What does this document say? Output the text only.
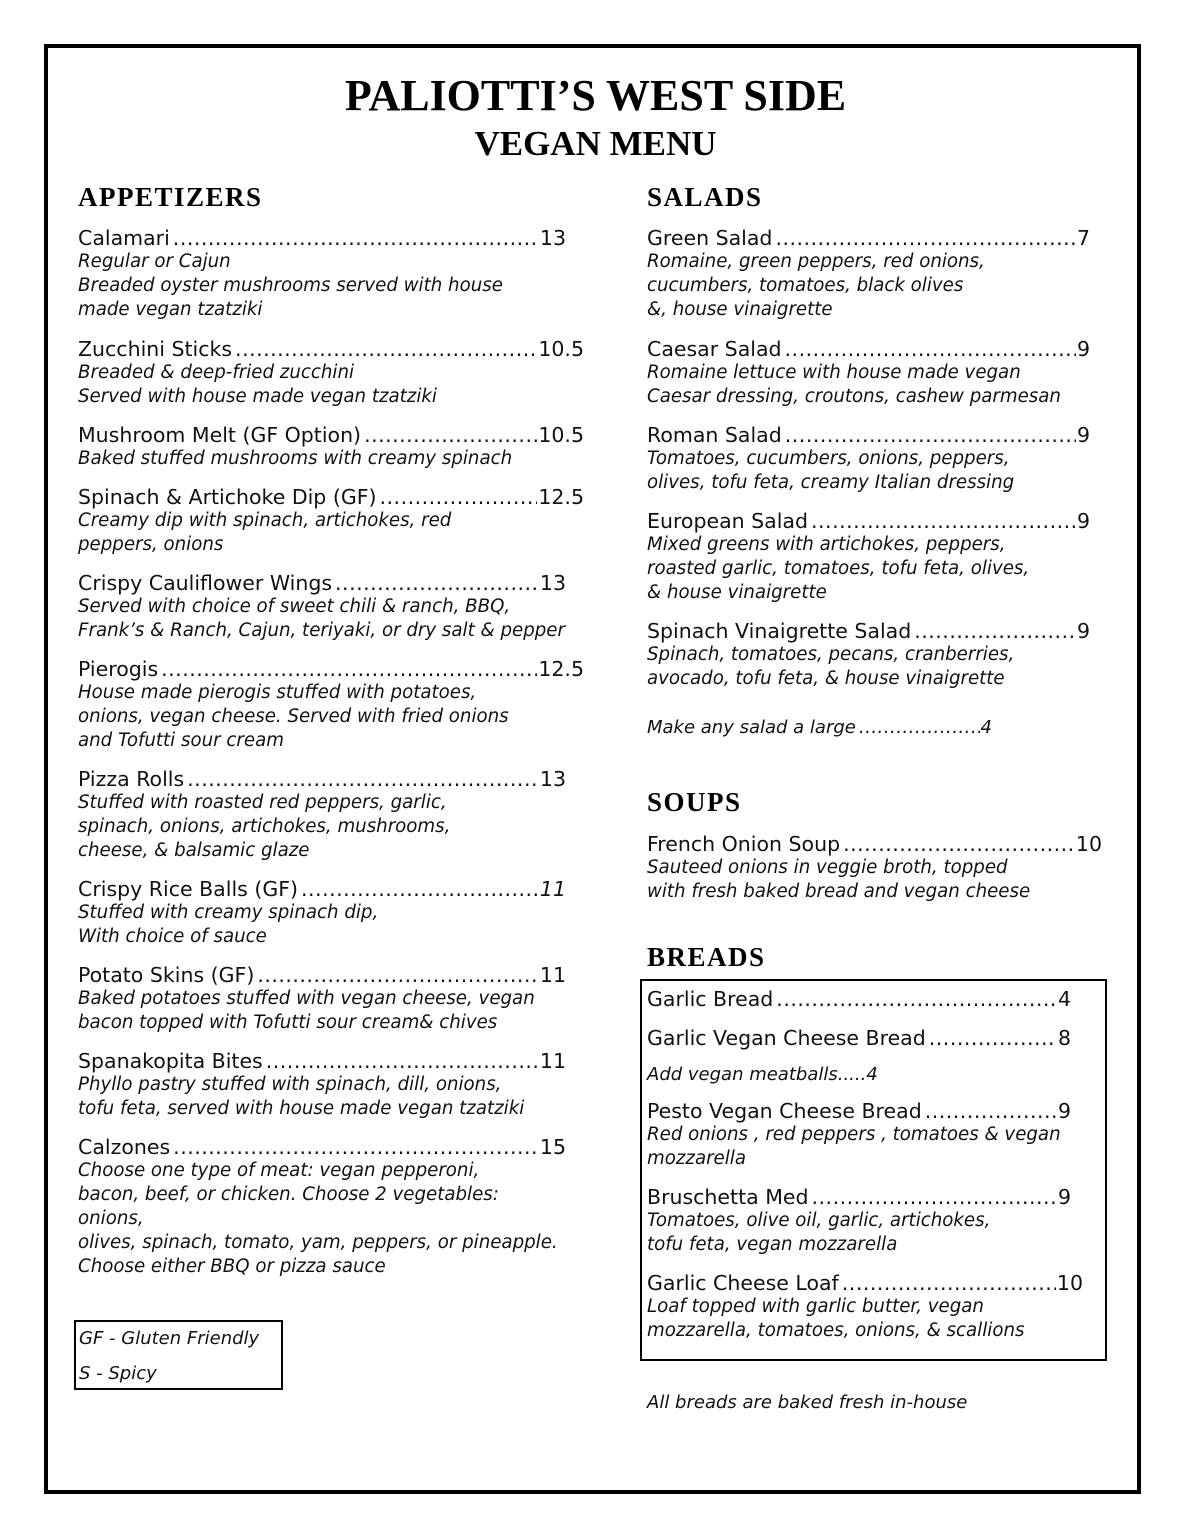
PALIOTTI’S WEST SIDE
VEGAN MENU
APPETIZERS
Calamari .....	13
Regular or Cajun
Breaded oyster mushrooms served with house
made vegan tzatziki
Zucchini Sticks .....	10.5
Breaded & deep-fried zucchini
Served with house made vegan tzatziki
Mushroom Melt (GF Option) .....	10.5
Baked stuffed mushrooms with creamy spinach
Spinach & Artichoke Dip (GF) .....	12.5
Creamy dip with spinach, artichokes, red
peppers, onions
Crispy Cauliflower Wings .....	13
Served with choice of sweet chili & ranch, BBQ,
Frank’s & Ranch, Cajun, teriyaki, or dry salt & pepper
Pierogis .....	12.5
House made pierogis stuffed with potatoes,
onions, vegan cheese. Served with fried onions
and Tofutti sour cream
Pizza Rolls .....	13
Stuffed with roasted red peppers, garlic,
spinach, onions, artichokes, mushrooms,
cheese, & balsamic glaze
Crispy Rice Balls (GF) .....	11
Stuffed with creamy spinach dip,
With choice of sauce
Potato Skins (GF) .....	11
Baked potatoes stuffed with vegan cheese, vegan
bacon topped with Tofutti sour cream& chives
Spanakopita Bites .....	11
Phyllo pastry stuffed with spinach, dill, onions,
tofu feta, served with house made vegan tzatziki
Calzones .....	15
Choose one type of meat: vegan pepperoni,
bacon, beef, or chicken. Choose 2 vegetables: onions,
olives, spinach, tomato, yam, peppers, or pineapple.
Choose either BBQ or pizza sauce
GF - Gluten Friendly
S - Spicy
SALADS
Green Salad .....	7
Romaine, green peppers, red onions,
cucumbers, tomatoes, black olives
&, house vinaigrette
Caesar Salad .....	9
Romaine lettuce with house made vegan
Caesar dressing, croutons, cashew parmesan
Roman Salad .....	9
Tomatoes, cucumbers, onions, peppers,
olives, tofu feta, creamy Italian dressing
European Salad .....	9
Mixed greens with artichokes, peppers,
roasted garlic, tomatoes, tofu feta, olives,
& house vinaigrette
Spinach Vinaigrette Salad .....	9
Spinach, tomatoes, pecans, cranberries,
avocado, tofu feta, & house vinaigrette
Make any salad a large .....	4
SOUPS
French Onion Soup .....	10
Sauteed onions in veggie broth, topped
with fresh baked bread and vegan cheese
BREADS
Garlic Bread .....	4
Garlic Vegan Cheese Bread .....	8
Add vegan meatballs.....4
Pesto Vegan Cheese Bread .....	9
Red onions , red peppers , tomatoes & vegan
mozzarella
Bruschetta Med .....	9
Tomatoes, olive oil, garlic, artichokes,
tofu feta, vegan mozzarella
Garlic Cheese Loaf .....	10
Loaf topped with garlic butter, vegan
mozzarella, tomatoes, onions, & scallions
All breads are baked fresh in-house
